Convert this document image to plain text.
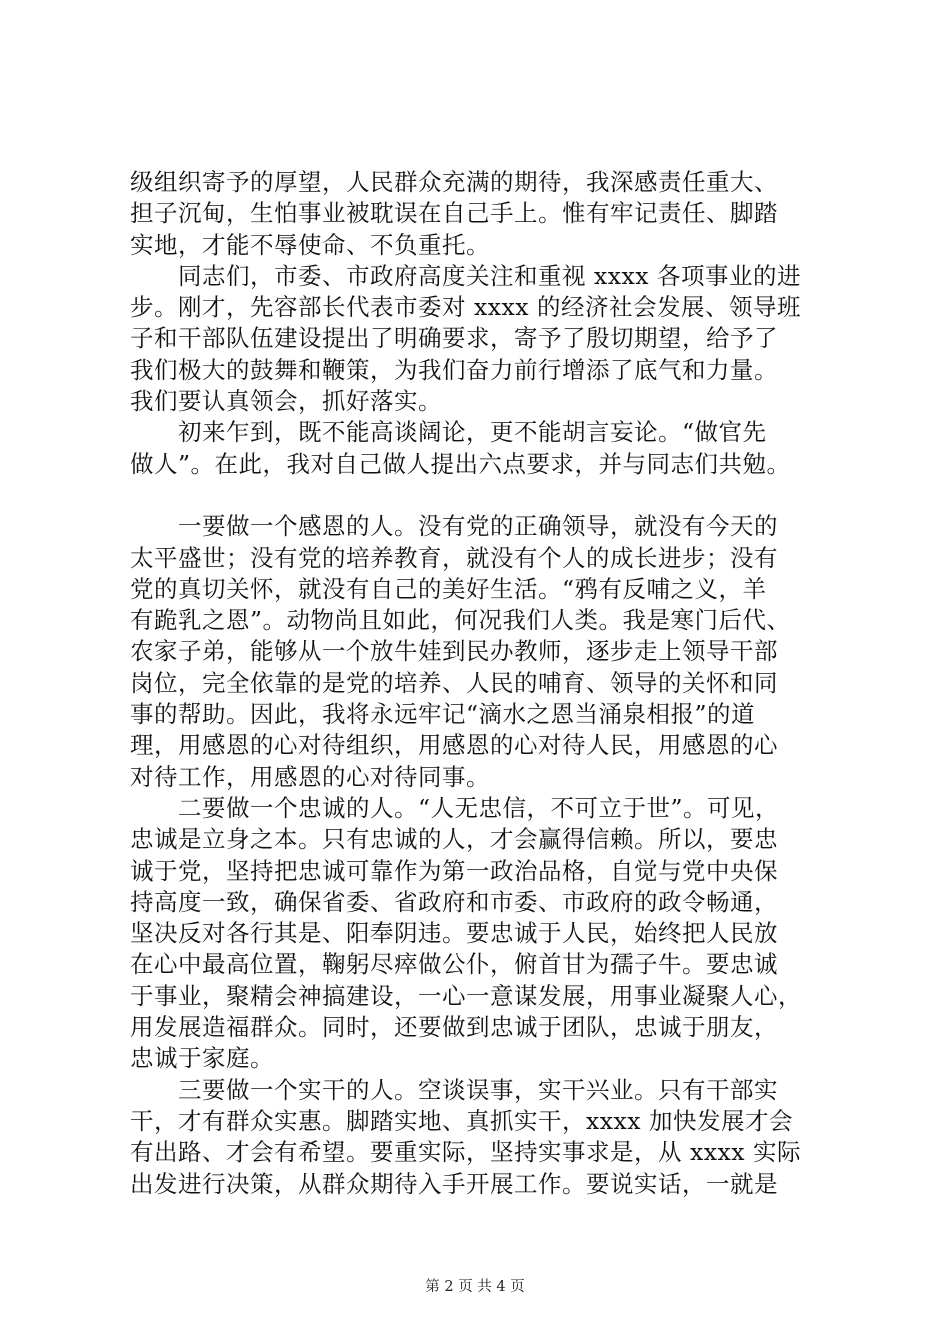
级组织寄予的厚望，人民群众充满的期待，我深感责任重大、
担子沉甸，生怕事业被耽误在自己手上。惟有牢记责任、脚踏
实地，才能不辱使命、不负重托。
　　同志们，市委、市政府高度关注和重视 xxxx 各项事业的进
步。刚才，先容部长代表市委对 xxxx 的经济社会发展、领导班
子和干部队伍建设提出了明确要求，寄予了殷切期望，给予了
我们极大的鼓舞和鞭策，为我们奋力前行增添了底气和力量。
我们要认真领会，抓好落实。
　　初来乍到，既不能高谈阔论，更不能胡言妄论。“做官先
做人”。在此，我对自己做人提出六点要求，并与同志们共勉。
　　一要做一个感恩的人。没有党的正确领导，就没有今天的
太平盛世；没有党的培养教育，就没有个人的成长进步；没有
党的真切关怀，就没有自己的美好生活。“鸦有反哺之义，羊
有跪乳之恩”。动物尚且如此，何况我们人类。我是寒门后代、
农家子弟，能够从一个放牛娃到民办教师，逐步走上领导干部
岗位，完全依靠的是党的培养、人民的哺育、领导的关怀和同
事的帮助。因此，我将永远牢记“滴水之恩当涌泉相报”的道
理，用感恩的心对待组织，用感恩的心对待人民，用感恩的心
对待工作，用感恩的心对待同事。
　　二要做一个忠诚的人。“人无忠信，不可立于世”。可见，
忠诚是立身之本。只有忠诚的人，才会赢得信赖。所以，要忠
诚于党，坚持把忠诚可靠作为第一政治品格，自觉与党中央保
持高度一致，确保省委、省政府和市委、市政府的政令畅通，
坚决反对各行其是、阳奉阴违。要忠诚于人民，始终把人民放
在心中最高位置，鞠躬尽瘁做公仆，俯首甘为孺子牛。要忠诚
于事业，聚精会神搞建设，一心一意谋发展，用事业凝聚人心，
用发展造福群众。同时，还要做到忠诚于团队，忠诚于朋友，
忠诚于家庭。
　　三要做一个实干的人。空谈误事，实干兴业。只有干部实
干，才有群众实惠。脚踏实地、真抓实干，xxxx 加快发展才会
有出路、才会有希望。要重实际，坚持实事求是，从 xxxx 实际
出发进行决策，从群众期待入手开展工作。要说实话，一就是
第 2 页 共 4 页
